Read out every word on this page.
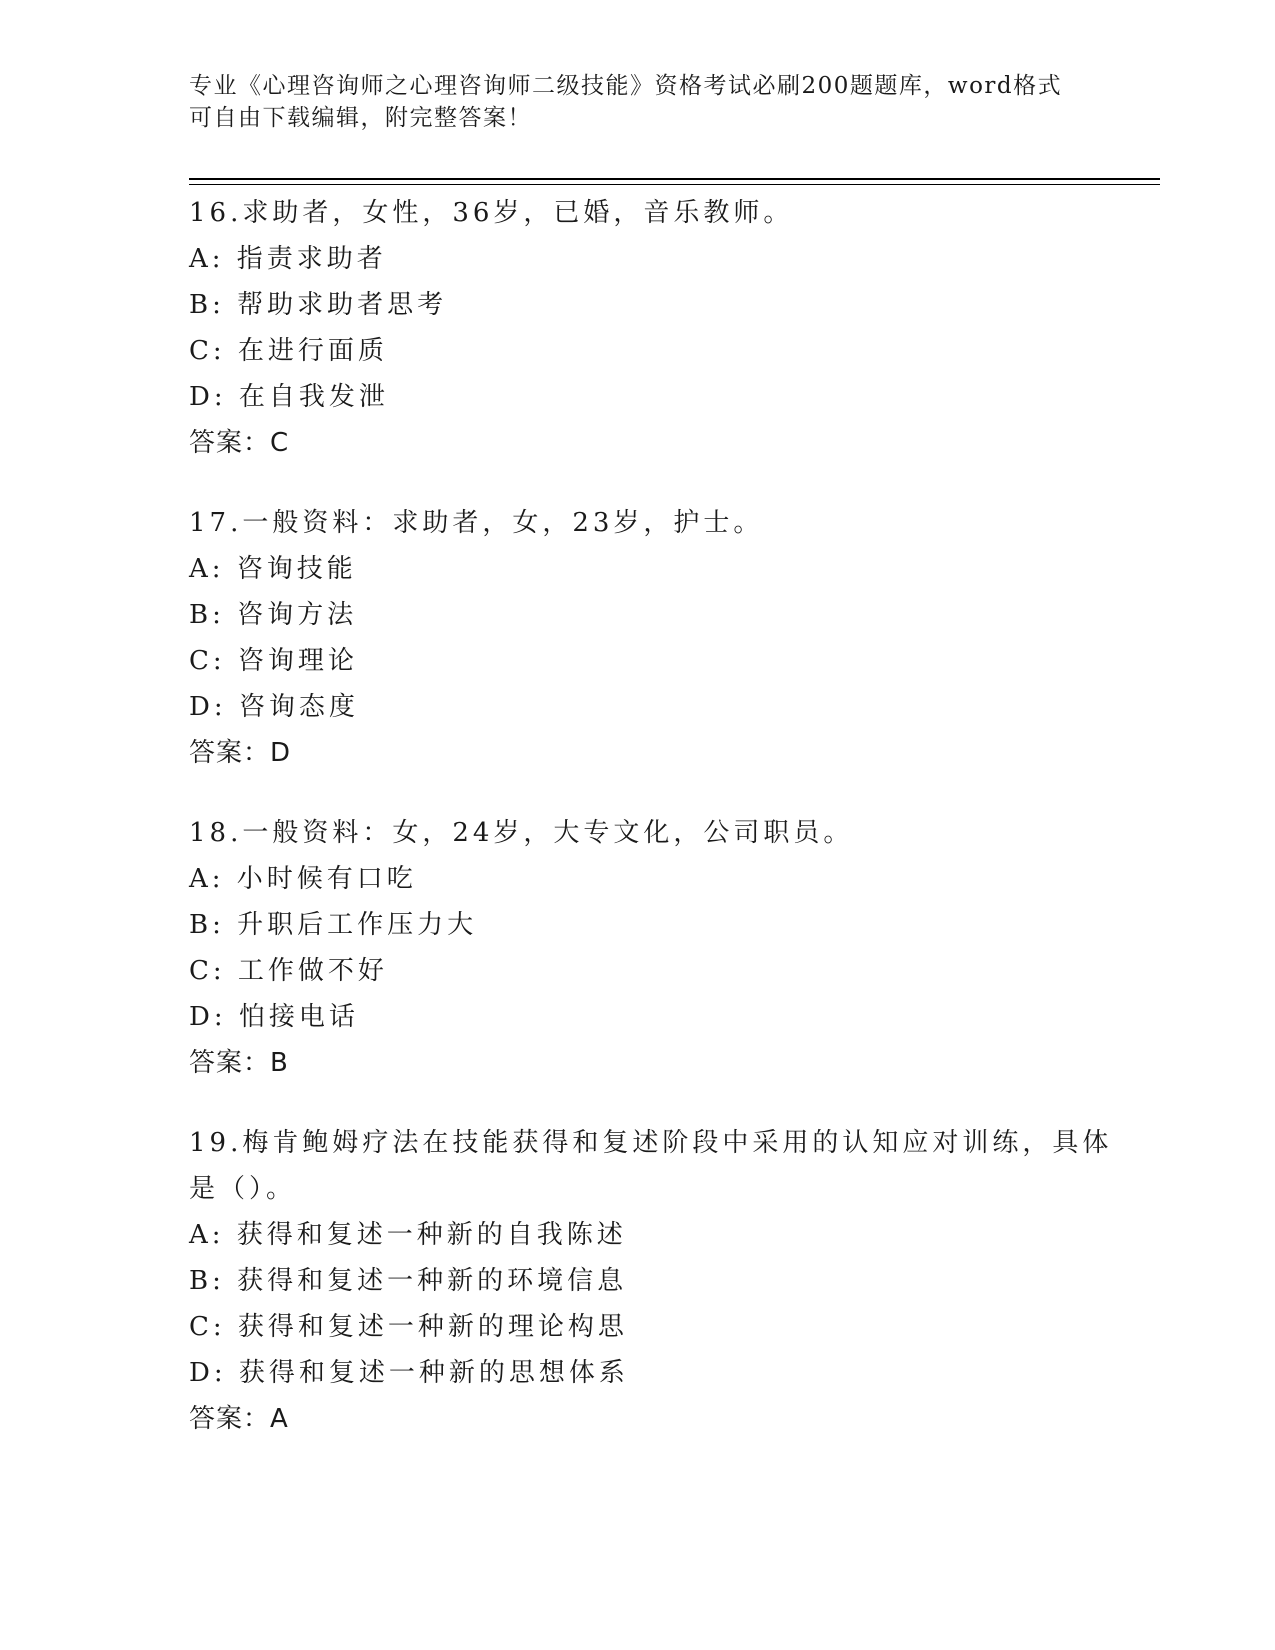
专业《心理咨询师之心理咨询师二级技能》资格考试必刷200题题库，word格式
可自由下载编辑，附完整答案！
16.求助者，女性，36岁，已婚，音乐教师。
A: 指责求助者
B: 帮助求助者思考
C: 在进行面质
D: 在自我发泄
答案：C
17.一般资料：求助者，女，23岁，护士。
A: 咨询技能
B: 咨询方法
C: 咨询理论
D: 咨询态度
答案：D
18.一般资料：女，24岁，大专文化，公司职员。
A: 小时候有口吃
B: 升职后工作压力大
C: 工作做不好
D: 怕接电话
答案：B
19.梅肯鲍姆疗法在技能获得和复述阶段中采用的认知应对训练，具体是（）。
A: 获得和复述一种新的自我陈述
B: 获得和复述一种新的环境信息
C: 获得和复述一种新的理论构思
D: 获得和复述一种新的思想体系
答案：A
